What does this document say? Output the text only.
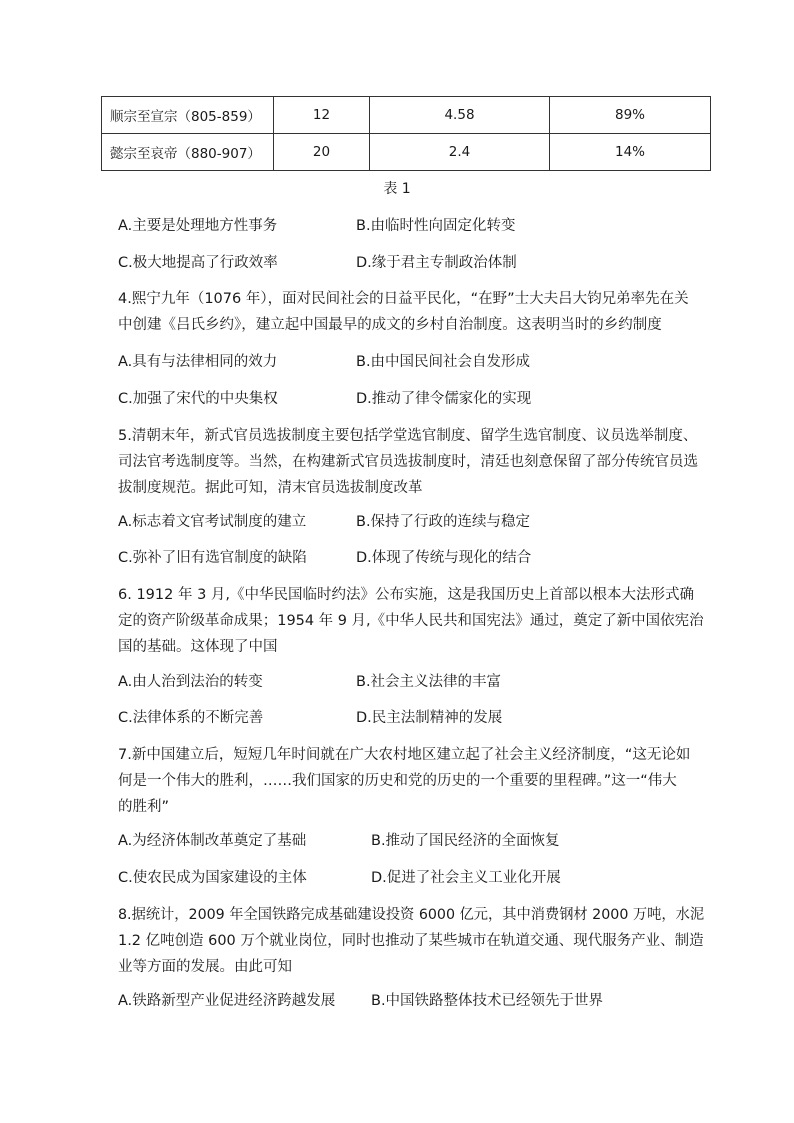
顺宗至宣宗（805-859）	12	4.58	89%
懿宗至哀帝（880-907）	20	2.4	14%
表 1
A.主要是处理地方性事务	B.由临时性向固定化转变
C.极大地提高了行政效率	D.缘于君主专制政治体制
4.熙宁九年（1076 年），面对民间社会的日益平民化，“在野”士大夫吕大钧兄弟率先在关
中创建《吕氏乡约》，建立起中国最早的成文的乡村自治制度。这表明当时的乡约制度
A.具有与法律相同的效力	B.由中国民间社会自发形成
C.加强了宋代的中央集权	D.推动了律令儒家化的实现
5.清朝末年，新式官员选拔制度主要包括学堂选官制度、留学生选官制度、议员选举制度、
司法官考选制度等。当然，在构建新式官员选拔制度时，清廷也刻意保留了部分传统官员选
拔制度规范。据此可知，清末官员选拔制度改革
A.标志着文官考试制度的建立	B.保持了行政的连续与稳定
C.弥补了旧有选官制度的缺陷	D.体现了传统与现化的结合
6. 1912 年 3 月,《中华民国临时约法》公布实施，这是我国历史上首部以根本大法形式确
定的资产阶级革命成果；1954 年 9 月,《中华人民共和国宪法》通过，奠定了新中国依宪治
国的基础。这体现了中国
A.由人治到法治的转变	B.社会主义法律的丰富
C.法律体系的不断完善	D.民主法制精神的发展
7.新中国建立后，短短几年时间就在广大农村地区建立起了社会主义经济制度，“这无论如
何是一个伟大的胜利，……我们国家的历史和党的历史的一个重要的里程碑。”这一“伟大
的胜利”
A.为经济体制改革奠定了基础	B.推动了国民经济的全面恢复
C.使农民成为国家建设的主体	D.促进了社会主义工业化开展
8.据统计，2009 年全国铁路完成基础建设投资 6000 亿元，其中消费钢材 2000 万吨，水泥
1.2 亿吨创造 600 万个就业岗位，同时也推动了某些城市在轨道交通、现代服务产业、制造
业等方面的发展。由此可知
A.铁路新型产业促进经济跨越发展 B.中国铁路整体技术已经领先于世界
